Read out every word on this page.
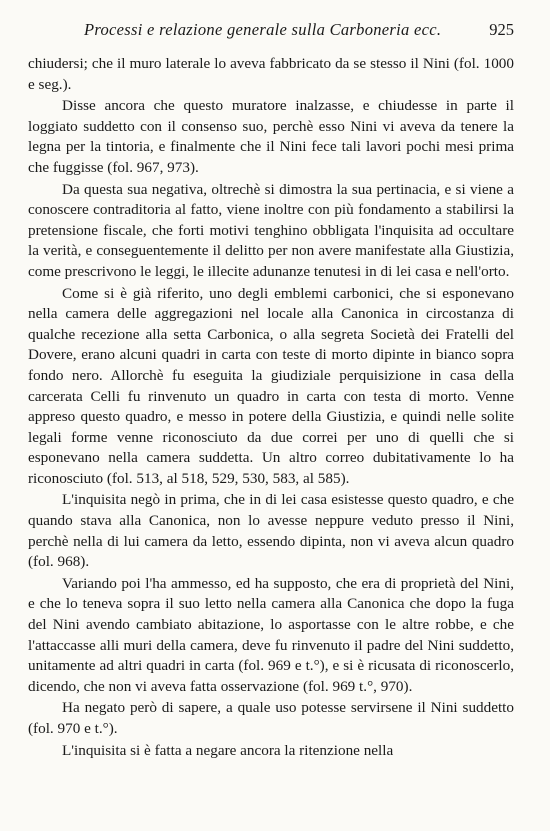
Processi e relazione generale sulla Carboneria ecc.	925

chiudersi; che il muro laterale lo aveva fabbricato da se stesso il Nini (fol. 1000 e seg.).

Disse ancora che questo muratore inalzasse, e chiudesse in parte il loggiato suddetto con il consenso suo, perchè esso Nini vi aveva da tenere la legna per la tintoria, e finalmente che il Nini fece tali lavori pochi mesi prima che fuggisse (fol. 967, 973).

Da questa sua negativa, oltrechè si dimostra la sua pertinacia, e si viene a conoscere contraditoria al fatto, viene inoltre con più fondamento a stabilirsi la pretensione fiscale, che forti motivi tenghino obbligata l'inquisita ad occultare la verità, e conseguentemente il delitto per non avere manifestate alla Giustizia, come prescrivono le leggi, le illecite adunanze tenutesi in di lei casa e nell'orto.

Come si è già riferito, uno degli emblemi carbonici, che si esponevano nella camera delle aggregazioni nel locale alla Canonica in circostanza di qualche recezione alla setta Carbonica, o alla segreta Società dei Fratelli del Dovere, erano alcuni quadri in carta con teste di morto dipinte in bianco sopra fondo nero. Allorchè fu eseguita la giudiziale perquisizione in casa della carcerata Celli fu rinvenuto un quadro in carta con testa di morto. Venne appreso questo quadro, e messo in potere della Giustizia, e quindi nelle solite legali forme venne riconosciuto da due correi per uno di quelli che si esponevano nella camera suddetta. Un altro correo dubitativamente lo ha riconosciuto (fol. 513, al 518, 529, 530, 583, al 585).

L'inquisita negò in prima, che in di lei casa esistesse questo quadro, e che quando stava alla Canonica, non lo avesse neppure veduto presso il Nini, perchè nella di lui camera da letto, essendo dipinta, non vi aveva alcun quadro (fol. 968).

Variando poi l'ha ammesso, ed ha supposto, che era di proprietà del Nini, e che lo teneva sopra il suo letto nella camera alla Canonica che dopo la fuga del Nini avendo cambiato abitazione, lo asportasse con le altre robbe, e che l'attaccasse alli muri della camera, deve fu rinvenuto il padre del Nini suddetto, unitamente ad altri quadri in carta (fol. 969 e t.°), e si è ricusata di riconoscerlo, dicendo, che non vi aveva fatta osservazione (fol. 969 t.°, 970).

Ha negato però di sapere, a quale uso potesse servirsene il Nini suddetto (fol. 970 e t.°).

L'inquisita si è fatta a negare ancora la ritenzione nella
